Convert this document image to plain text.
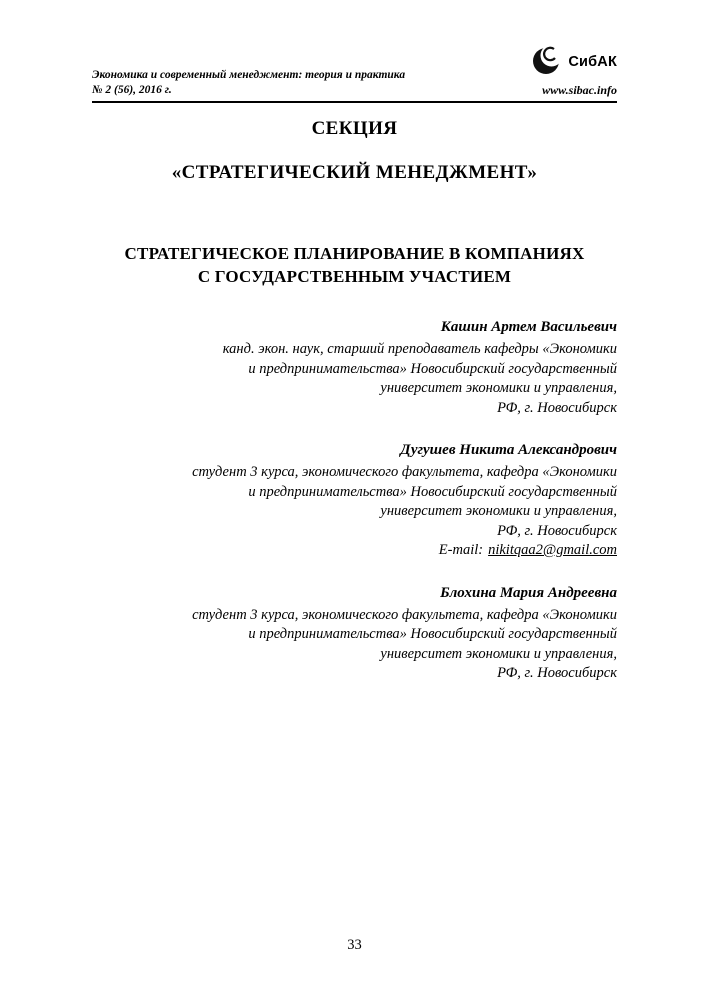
Экономика и современный менеджмент: теория и практика
№ 2 (56), 2016 г.
СибАК
www.sibac.info
СЕКЦИЯ
«СТРАТЕГИЧЕСКИЙ МЕНЕДЖМЕНТ»
СТРАТЕГИЧЕСКОЕ ПЛАНИРОВАНИЕ В КОМПАНИЯХ
С ГОСУДАРСТВЕННЫМ УЧАСТИЕМ
Кашин Артем Васильевич
канд. экон. наук, старший преподаватель кафедры «Экономики
и предпринимательства» Новосибирский государственный
университет экономики и управления,
РФ, г. Новосибирск
Дугушев Никита Александрович
студент 3 курса, экономического факультета, кафедра «Экономики
и предпринимательства» Новосибирский государственный
университет экономики и управления,
РФ, г. Новосибирск
E-mail: nikitqaa2@gmail.com
Блохина Мария Андреевна
студент 3 курса, экономического факультета, кафедра «Экономики
и предпринимательства» Новосибирский государственный
университет экономики и управления,
РФ, г. Новосибирск
33
